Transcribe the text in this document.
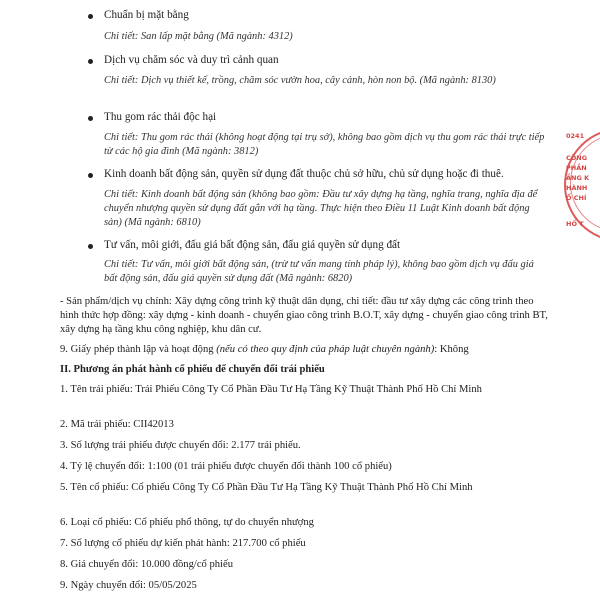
Chuẩn bị mặt bằng
Chi tiết: San lấp mặt bằng (Mã ngành: 4312)
Dịch vụ chăm sóc và duy trì cảnh quan
Chi tiết: Dịch vụ thiết kế, trồng, chăm sóc vườn hoa, cây cảnh, hòn non bộ. (Mã ngành: 8130)
Thu gom rác thải độc hại
Chi tiết: Thu gom rác thải (không hoạt động tại trụ sở), không bao gồm dịch vụ thu gom rác thải trực tiếp từ các hộ gia đình (Mã ngành: 3812)
Kinh doanh bất động sản, quyền sử dụng đất thuộc chủ sở hữu, chủ sử dụng hoặc đi thuê.
Chi tiết: Kinh doanh bất động sản (không bao gồm: Đầu tư xây dựng hạ tầng, nghĩa trang, nghĩa địa để chuyển nhượng quyền sử dụng đất gắn với hạ tầng. Thực hiện theo Điều 11 Luật Kinh doanh bất động sản) (Mã ngành: 6810)
Tư vấn, môi giới, đấu giá bất động sản, đấu giá quyền sử dụng đất
Chi tiết: Tư vấn, môi giới bất động sản, (trừ tư vấn mang tính pháp lý), không bao gồm dịch vụ đấu giá bất động sản, đấu giá quyền sử dụng đất (Mã ngành: 6820)
- Sản phẩm/dịch vụ chính: Xây dựng công trình kỹ thuật dân dụng, chi tiết: đầu tư xây dựng các công trình theo hình thức hợp đồng: xây dựng - kinh doanh - chuyển giao công trình B.O.T, xây dựng - chuyển giao công trình BT, xây dựng hạ tầng khu công nghiệp, khu dân cư.
9. Giấy phép thành lập và hoạt động (nếu có theo quy định của pháp luật chuyên ngành): Không
II. Phương án phát hành cổ phiếu để chuyển đổi trái phiếu
1. Tên trái phiếu: Trái Phiếu Công Ty Cổ Phần Đầu Tư Hạ Tầng Kỹ Thuật Thành Phố Hồ Chí Minh
2. Mã trái phiếu: CII42013
3. Số lượng trái phiếu được chuyển đổi: 2.177 trái phiếu.
4. Tỷ lệ chuyển đổi: 1:100 (01 trái phiếu được chuyển đổi thành 100 cổ phiếu)
5. Tên cổ phiếu: Cổ phiếu Công Ty Cổ Phần Đầu Tư Hạ Tầng Kỹ Thuật Thành Phố Hồ Chí Minh
6. Loại cổ phiếu: Cổ phiếu phổ thông, tự do chuyển nhượng
7. Số lượng cổ phiếu dự kiến phát hành: 217.700 cổ phiếu
8. Giá chuyển đổi: 10.000 đồng/cổ phiếu
9. Ngày chuyển đổi: 05/05/2025
0241
CÔNG
PHẦN
ẦNG K
HÀNH
Ố CHÍ
HỒ T
